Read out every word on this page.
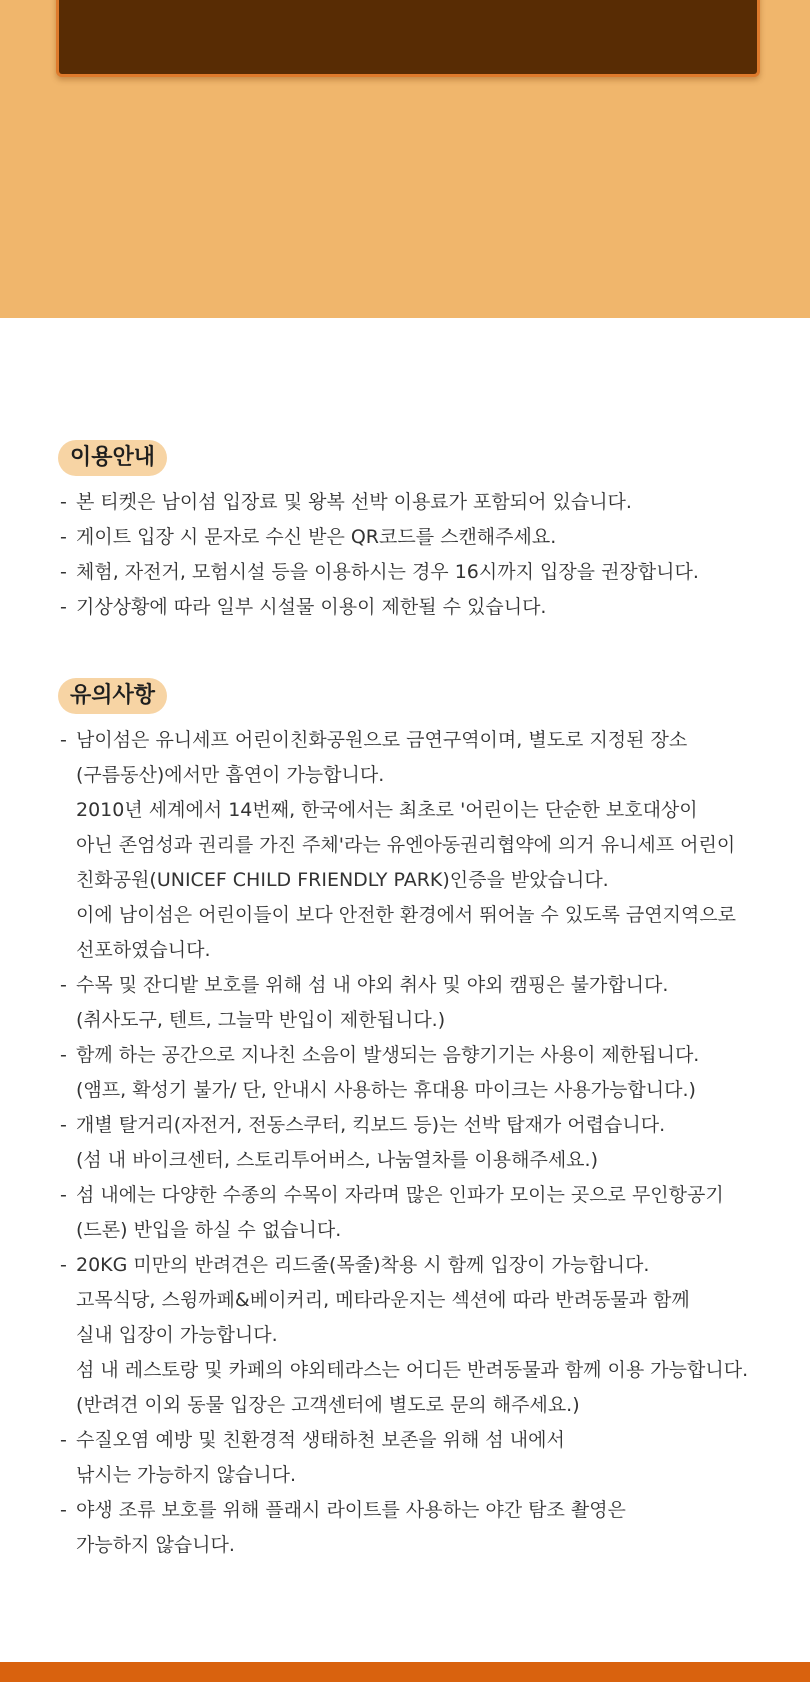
이용안내
- 본 티켓은 남이섬 입장료 및 왕복 선박 이용료가 포함되어 있습니다.
- 게이트 입장 시 문자로 수신 받은 QR코드를 스캔해주세요.
- 체험, 자전거, 모험시설 등을 이용하시는 경우 16시까지 입장을 권장합니다.
- 기상상황에 따라 일부 시설물 이용이 제한될 수 있습니다.
유의사항
- 남이섬은 유니세프 어린이친화공원으로 금연구역이며, 별도로 지정된 장소
(구름동산)에서만 흡연이 가능합니다.
2010년 세계에서 14번째, 한국에서는 최초로 '어린이는 단순한 보호대상이
아닌 존엄성과 권리를 가진 주체'라는 유엔아동권리협약에 의거 유니세프 어린이
친화공원(UNICEF CHILD FRIENDLY PARK)인증을 받았습니다.
이에 남이섬은 어린이들이 보다 안전한 환경에서 뛰어놀 수 있도록 금연지역으로
선포하였습니다.
- 수목 및 잔디밭 보호를 위해 섬 내 야외 취사 및 야외 캠핑은 불가합니다.
(취사도구, 텐트, 그늘막 반입이 제한됩니다.)
- 함께 하는 공간으로 지나친 소음이 발생되는 음향기기는 사용이 제한됩니다.
(앰프, 확성기 불가/ 단, 안내시 사용하는 휴대용 마이크는 사용가능합니다.)
- 개별 탈거리(자전거, 전동스쿠터, 킥보드 등)는 선박 탑재가 어렵습니다.
(섬 내 바이크센터, 스토리투어버스, 나눔열차를 이용해주세요.)
- 섬 내에는 다양한 수종의 수목이 자라며 많은 인파가 모이는 곳으로 무인항공기
(드론) 반입을 하실 수 없습니다.
- 20KG 미만의 반려견은 리드줄(목줄)착용 시 함께 입장이 가능합니다.
고목식당, 스윙까페&베이커리, 메타라운지는 섹션에 따라 반려동물과 함께
실내 입장이 가능합니다.
섬 내 레스토랑 및 카페의 야외테라스는 어디든 반려동물과 함께 이용 가능합니다.
(반려견 이외 동물 입장은 고객센터에 별도로 문의 해주세요.)
- 수질오염 예방 및 친환경적 생태하천 보존을 위해 섬 내에서
낚시는 가능하지 않습니다.
- 야생 조류 보호를 위해 플래시 라이트를 사용하는 야간 탐조 촬영은
가능하지 않습니다.
